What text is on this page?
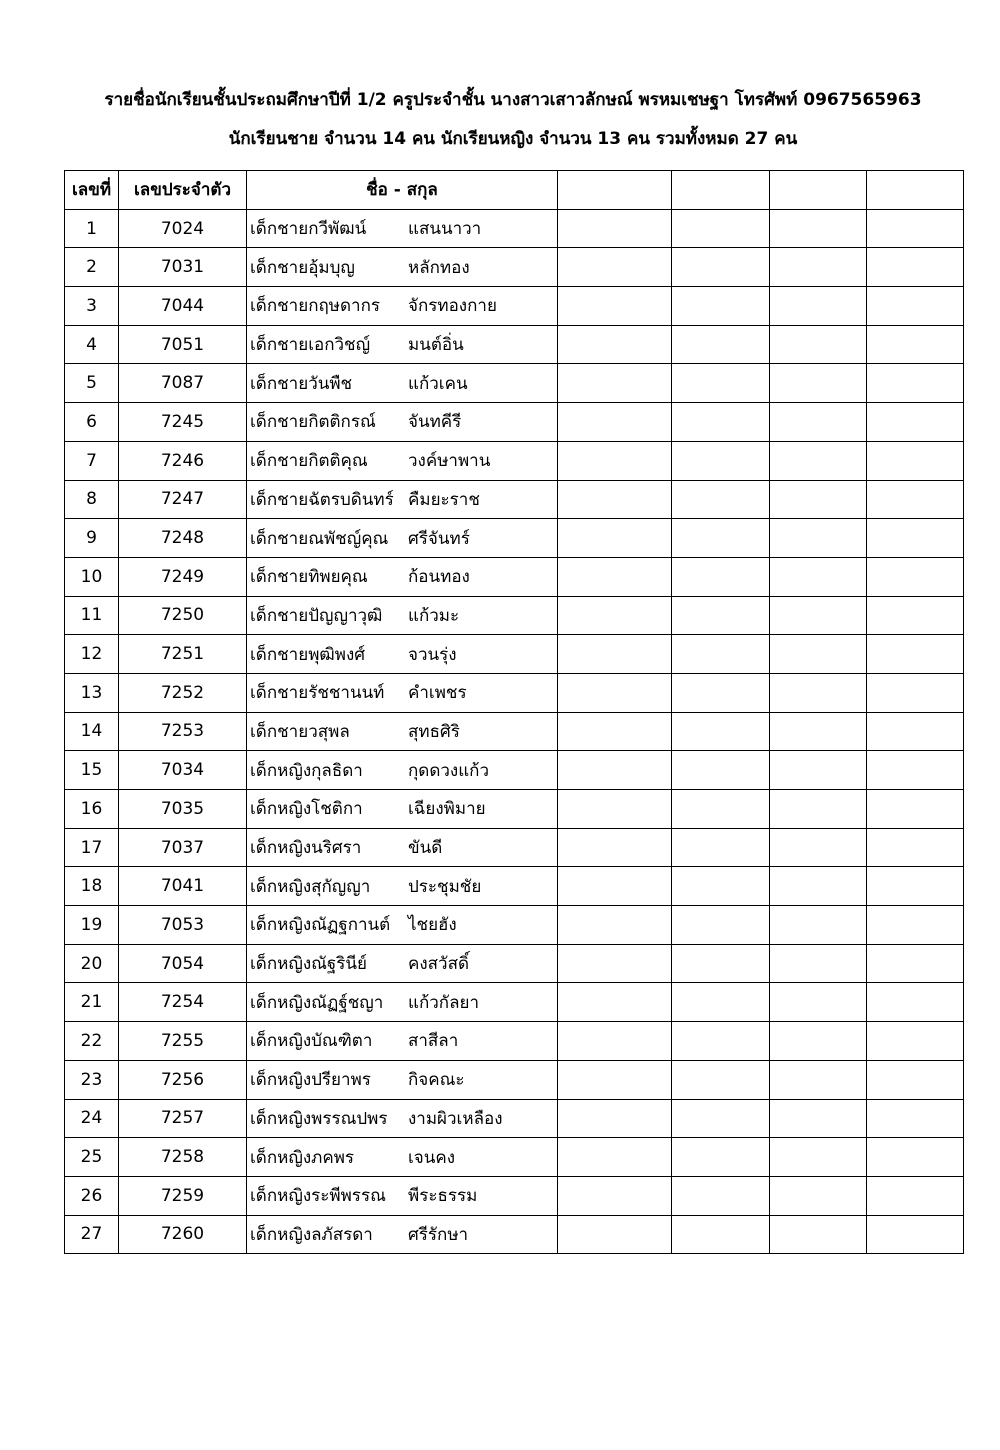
รายชื่อนักเรียนชั้นประถมศึกษาปีที่ 1/2 ครูประจำชั้น นางสาวเสาวลักษณ์ พรหมเชษฐา โทรศัพท์ 0967565963
นักเรียนชาย จำนวน 14 คน นักเรียนหญิง จำนวน 13 คน รวมทั้งหมด 27 คน
เลขที่	เลขประจำตัว	ชื่อ - สกุล				
1	7024	เด็กชายกวีพัฒน์ แสนนาวา				
2	7031	เด็กชายอุ้มบุญ หลักทอง				
3	7044	เด็กชายกฤษดากร จักรทองกาย				
4	7051	เด็กชายเอกวิชญ์ มนต์อิ่น				
5	7087	เด็กชายวันพืช แก้วเคน				
6	7245	เด็กชายกิตติกรณ์ จันทคีรี				
7	7246	เด็กชายกิตติคุณ วงค์ษาพาน				
8	7247	เด็กชายฉัตรบดินทร์ คืมยะราช				
9	7248	เด็กชายณพัชญ์คุณ ศรีจันทร์				
10	7249	เด็กชายทิพยคุณ ก้อนทอง				
11	7250	เด็กชายปัญญาวุฒิ แก้วมะ				
12	7251	เด็กชายพุฒิพงศ์ จวนรุ่ง				
13	7252	เด็กชายรัชชานนท์ คำเพชร				
14	7253	เด็กชายวสุพล สุทธศิริ				
15	7034	เด็กหญิงกุลธิดา กุดดวงแก้ว				
16	7035	เด็กหญิงโชติกา เฉียงพิมาย				
17	7037	เด็กหญิงนริศรา ขันดี				
18	7041	เด็กหญิงสุกัญญา ประชุมชัย				
19	7053	เด็กหญิงณัฏฐกานต์ ไชยฮัง				
20	7054	เด็กหญิงณัฐรินีย์ คงสวัสดิ์				
21	7254	เด็กหญิงณัฏฐ์ชญา แก้วกัลยา				
22	7255	เด็กหญิงบัณฑิตา สาสีลา				
23	7256	เด็กหญิงปรียาพร กิจคณะ				
24	7257	เด็กหญิงพรรณปพร งามผิวเหลือง				
25	7258	เด็กหญิงภคพร เจนคง				
26	7259	เด็กหญิงระพีพรรณ พีระธรรม				
27	7260	เด็กหญิงลภัสรดา ศรีรักษา				
